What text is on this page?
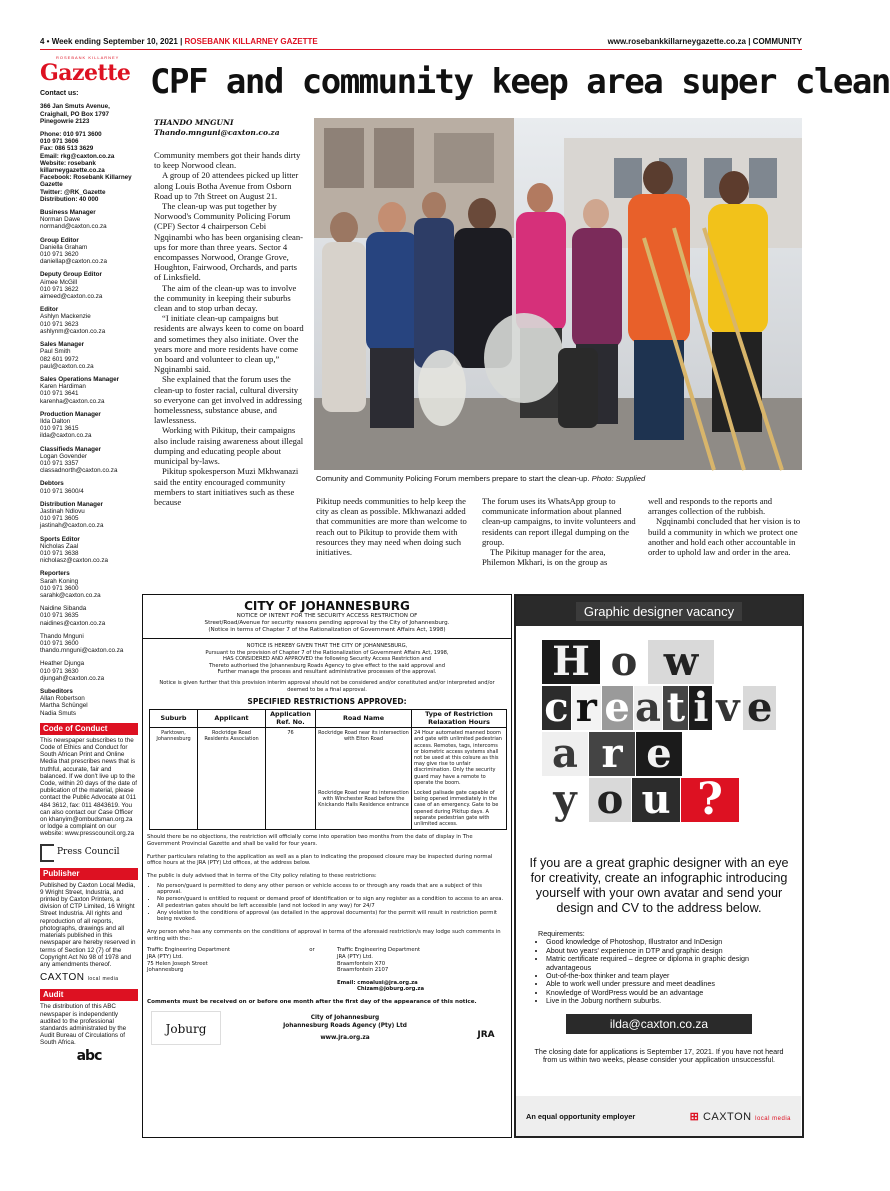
4 • Week ending September 10, 2021 | ROSEBANK KILLARNEY GAZETTE	www.rosebankkillarneygazette.co.za | COMMUNITY
ROSEBANK KILLARNEY
Gazette
Contact us:
366 Jan Smuts Avenue, Craighall, PO Box 1797 Pinegowrie 2123
Phone: 010 971 3600
010 971 3606
Fax: 086 513 3629
Email: rkg@caxton.co.za
Website: rosebank killarneygazette.co.za
Facebook: Rosebank Killarney Gazette
Twitter: @RK_Gazette
Distribution: 40 000
Business Manager
Norman Dawe
normand@caxton.co.za
Group Editor
Daniella Graham
010 971 3620
daniellap@caxton.co.za
Deputy Group Editor
Aimee McGill
010 971 3622
aimeed@caxton.co.za
Editor
Ashlyn Mackenzie
010 971 3623
ashlynm@caxton.co.za
Sales Manager
Paul Smith
082 601 9972
paul@caxton.co.za
Sales Operations Manager
Karen Hardiman
010 971 3641
karenha@caxton.co.za
Production Manager
Ilda Dalton
010 971 3615
ilda@caxton.co.za
Classifieds Manager
Logan Govender
010 971 3357
classadnorth@caxton.co.za
Debtors
010 971 3600/4
Distribution Manager
Jastinah Ndlovu
010 971 3605
jastinah@caxton.co.za
Sports Editor
Nicholas Zaal
010 971 3638
nicholasz@caxton.co.za
Reporters
Sarah Koning
010 971 3600
sarahk@caxton.co.za
Naidine Sibanda
010 971 3635
naidines@caxton.co.za
Thando Mnguni
010 971 3600
thando.mnguni@caxton.co.za
Heather Djunga
010 971 3630
djungah@caxton.co.za
Subeditors
Allan Robertson
Martha Schüngel
Nadia Smuts
Code of Conduct
This newspaper subscribes to the Code of Ethics and Conduct for South African Print and Online Media that prescribes news that is truthful, accurate, fair and balanced. If we don't live up to the Code, within 20 days of the date of publication of the material, please contact the Public Advocate at 011 484 3612, fax: 011 4843619. You can also contact our Case Officer on khanyim@ombudsman.org.za or lodge a complaint on our website: www.presscouncil.org.za
Press Council
Publisher
Published by Caxton Local Media, 9 Wright Street, Industria, and printed by Caxton Printers, a division of CTP Limited, 16 Wright Street Industria. All rights and reproduction of all reports, photographs, drawings and all materials published in this newspaper are hereby reserved in terms of Section 12 (7) of the Copyright Act No 98 of 1978 and any amendments thereof.
CAXTON local media
Audit
The distribution of this ABC newspaper is independently audited to the professional standards administrated by the Audit Bureau of Circulations of South Africa.
abc
CPF and community keep area super clean
THANDO MNGUNI
Thando.mnguni@caxton.co.za

Community members got their hands dirty to keep Norwood clean.

A group of 20 attendees picked up litter along Louis Botha Avenue from Osborn Road up to 7th Street on August 21.

The clean-up was put together by Norwood's Community Policing Forum (CPF) Sector 4 chairperson Cebi Ngqinambi who has been organising clean-ups for more than three years. Sector 4 encompasses Norwood, Orange Grove, Houghton, Fairwood, Orchards, and parts of Linksfield.

The aim of the clean-up was to involve the community in keeping their suburbs clean and to stop urban decay.

“I initiate clean-up campaigns but residents are always keen to come on board and sometimes they also initiate. Over the years more and more residents have come on board and volunteer to clean up,” Ngqinambi said.

She explained that the forum uses the clean-up to foster racial, cultural diversity so everyone can get involved in addressing homelessness, substance abuse, and lawlessness.

Working with Pikitup, their campaigns also include raising awareness about illegal dumping and educating people about municipal by-laws.

Pikitup spokesperson Muzi Mkhwanazi said the entity encouraged community members to start initiatives such as these because

Comunity and Community Policing Forum members prepare to start the clean-up. Photo: Supplied

Pikitup needs communities to help keep the city as clean as possible. Mkhwanazi added that communities are more than welcome to reach out to Pikitup to provide them with resources they may need when doing such initiatives.

The forum uses its WhatsApp group to communicate information about planned clean-up campaigns, to invite volunteers and residents can report illegal dumping on the group.

The Pikitup manager for the area, Philemon Mkhari, is on the group as

well and responds to the reports and arranges collection of the rubbish.

Ngqinambi concluded that her vision is to build a community in which we protect one another and hold each other accountable in order to uphold law and order in the area.

CITY OF JOHANNESBURG
NOTICE OF INTENT FOR THE SECURITY ACCESS RESTRICTION OF
Street/Road/Avenue for security reasons pending approval by the City of Johannesburg.
(Notice in terms of Chapter 7 of the Rationalization of Government Affairs Act, 1998)
NOTICE IS HEREBY GIVEN THAT THE CITY OF JOHANNESBURG,
Pursuant to the provision of Chapter 7 of the Rationalization of Government Affairs Act, 1998,
HAS CONSIDERED AND APPROVED the following Security Access Restriction and
Thereto authorised the Johannesburg Roads Agency to give effect to the said approval and
Further manage the process and resultant administrative processes of the approval.
Notice is given further that this provision interim approval should not be considered and/or constituted and/or interpreted and/or deemed to be a final approval.
SPECIFIED RESTRICTIONS APPROVED:
Suburb	Applicant	Application Ref. No.	Road Name	Type of Restriction Relaxation Hours
Parktown, Johannesburg	Rockridge Road Residents Association	76	Rockridge Road near its intersection with Elton Road	24 Hour automated manned boom and gate with unlimited pedestrian access. Remotes, tags, intercoms or biometric access systems shall not be used at this colsure as this may give rise to unfair discrimination. Only the security guard may have a remote to operate the boom.
			Rockridge Road near its intersection with Winchester Road before the Knickando Halls Residence entrance	Locked palisade gate capable of being opened immediately in the case of an emergency. Gate to be opened during Pikitup days. A separate pedestrian gate with unlimited access.

Should there be no objections, the restriction will officially come into operation two months from the date of display in The Government Provincial Gazette and shall be valid for four years.

Further particulars relating to the application as well as a plan to indicating the proposed closure may be inspected during normal office hours at the JRA (PTY) Ltd offices, at the address below.

The public is duly advised that in terms of the City policy relating to these restrictions:

• No person/guard is permitted to deny any other person or vehicle access to or through any roads that are a subject of this approval.
• No person/guard is entitled to request or demand proof of identification or to sign any register as a condition to access to an area.
• All pedestrian gates should be left accessible (and not locked in any way) for 24/7
• Any violation to the conditions of approval (as detailed in the approval documents) for the permit will result in restriction permit being revoked.

Any person who has any comments on the conditions of approval in terms of the aforesaid restriction/s may lodge such comments in writing with the:-

Traffic Engineering Department
JRA (PTY) Ltd.
75 Helen Joseph Street
Johannesburg
or	Traffic Engineering Department
JRA (PTY) Ltd.
Braamfontein X70
Braamfontein 2107
Email: cmoalusi@jra.org.za
Chizam@joburg.org.za
Comments must be received on or before one month after the first day of the appearance of this notice.
Joburg
City of Johannesburg
Johannesburg Roads Agency (Pty) Ltd
www.jra.org.za	JRA
Graphic designer vacancy
H o w
c r e a t i v e
a r e
y o u ?
If you are a great graphic designer with an eye for creativity, create an infographic introducing yourself with your own avatar and send your design and CV to the address below.
Requirements:
• Good knowledge of Photoshop, Illustrator and InDesign
• About two years' experience in DTP and graphic design
• Matric certificate required – degree or diploma in graphic design advantageous
• Out-of-the-box thinker and team player
• Able to work well under pressure and meet deadlines
• Knowledge of WordPress would be an advantage
• Live in the Joburg northern suburbs.
ilda@caxton.co.za
The closing date for applications is September 17, 2021. If you have not heard from us within two weeks, please consider your application unsuccessful.
An equal opportunity employer	⊞ CAXTON local media
